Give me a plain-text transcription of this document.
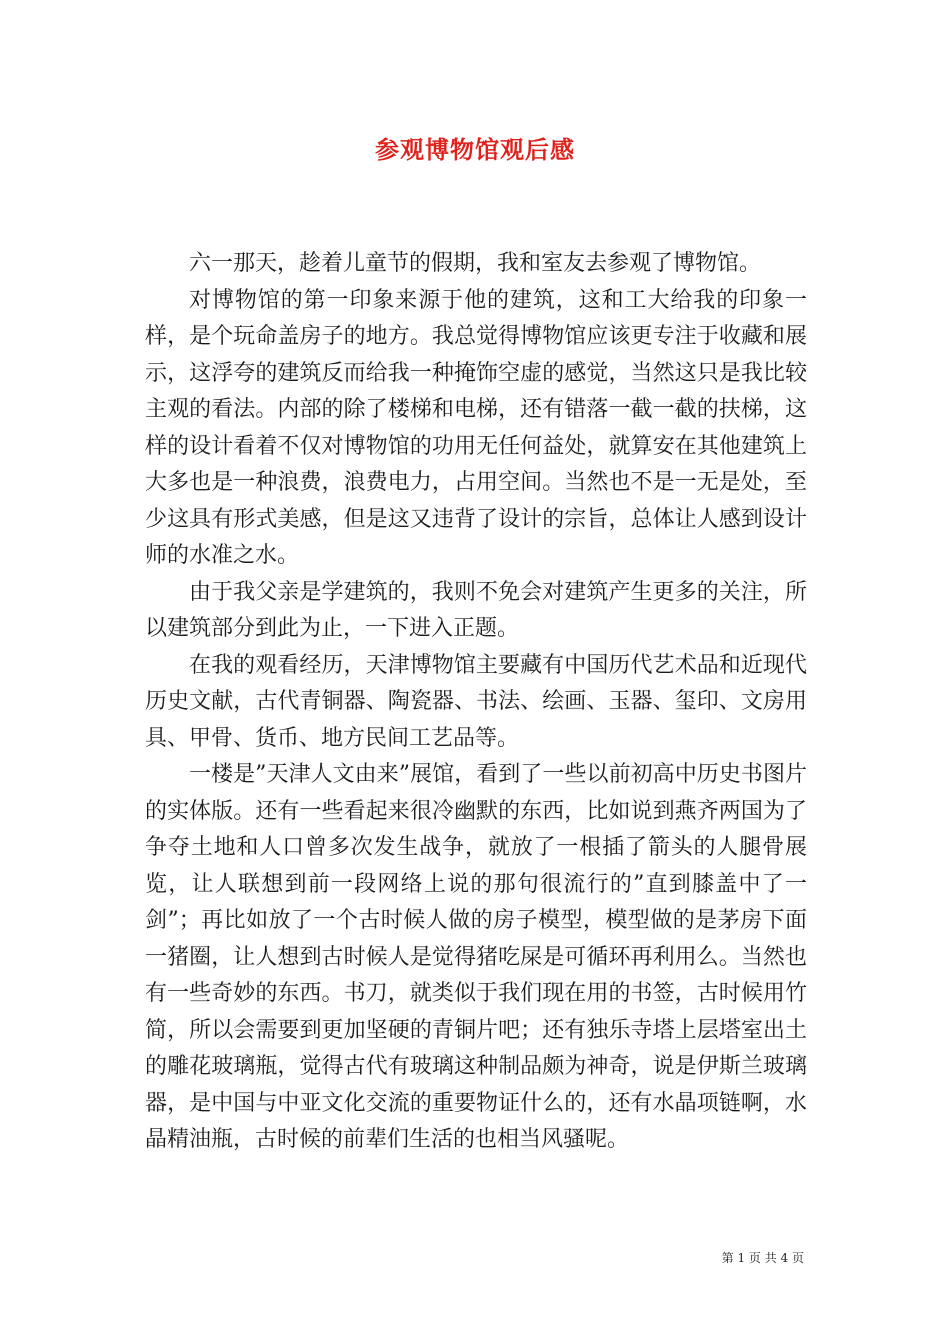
参观博物馆观后感

六一那天，趁着儿童节的假期，我和室友去参观了博物馆。

对博物馆的第一印象来源于他的建筑，这和工大给我的印象一样，是个玩命盖房子的地方。我总觉得博物馆应该更专注于收藏和展示，这浮夸的建筑反而给我一种掩饰空虚的感觉，当然这只是我比较主观的看法。内部的除了楼梯和电梯，还有错落一截一截的扶梯，这样的设计看着不仅对博物馆的功用无任何益处，就算安在其他建筑上大多也是一种浪费，浪费电力，占用空间。当然也不是一无是处，至少这具有形式美感，但是这又违背了设计的宗旨，总体让人感到设计师的水准之水。

由于我父亲是学建筑的，我则不免会对建筑产生更多的关注，所以建筑部分到此为止，一下进入正题。

在我的观看经历，天津博物馆主要藏有中国历代艺术品和近现代历史文献，古代青铜器、陶瓷器、书法、绘画、玉器、玺印、文房用具、甲骨、货币、地方民间工艺品等。

一楼是”天津人文由来”展馆，看到了一些以前初高中历史书图片的实体版。还有一些看起来很冷幽默的东西，比如说到燕齐两国为了争夺土地和人口曾多次发生战争，就放了一根插了箭头的人腿骨展览，让人联想到前一段网络上说的那句很流行的”直到膝盖中了一剑”；再比如放了一个古时候人做的房子模型，模型做的是茅房下面一猪圈，让人想到古时候人是觉得猪吃屎是可循环再利用么。当然也有一些奇妙的东西。书刀，就类似于我们现在用的书签，古时候用竹简，所以会需要到更加坚硬的青铜片吧；还有独乐寺塔上层塔室出土的雕花玻璃瓶，觉得古代有玻璃这种制品颇为神奇，说是伊斯兰玻璃器，是中国与中亚文化交流的重要物证什么的，还有水晶项链啊，水晶精油瓶，古时候的前辈们生活的也相当风骚呢。

第 1 页 共 4 页
